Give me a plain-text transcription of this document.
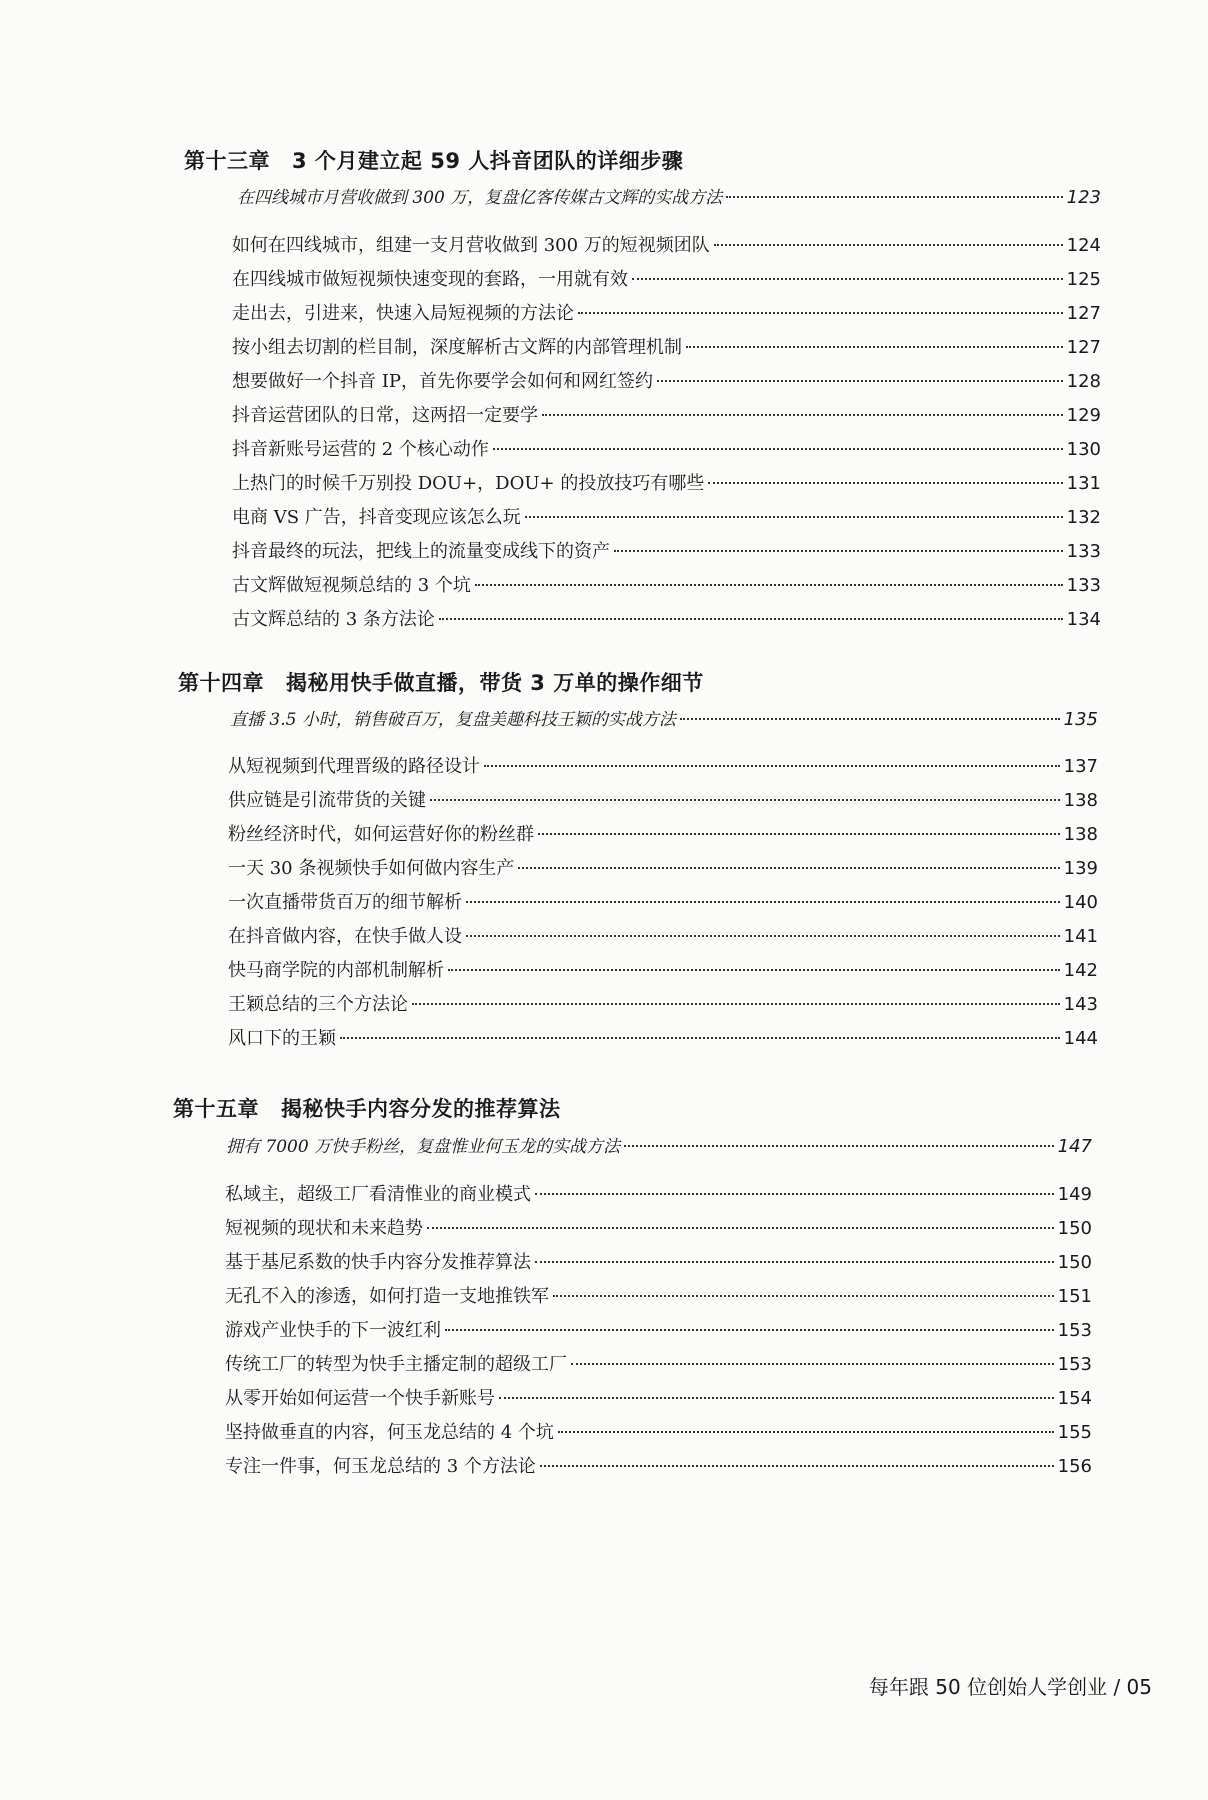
第十三章 3 个月建立起 59 人抖音团队的详细步骤
在四线城市月营收做到 300 万，复盘亿客传媒古文辉的实战方法	123
如何在四线城市，组建一支月营收做到 300 万的短视频团队	124
在四线城市做短视频快速变现的套路，一用就有效	125
走出去，引进来，快速入局短视频的方法论	127
按小组去切割的栏目制，深度解析古文辉的内部管理机制	127
想要做好一个抖音 IP，首先你要学会如何和网红签约	128
抖音运营团队的日常，这两招一定要学	129
抖音新账号运营的 2 个核心动作	130
上热门的时候千万别投 DOU+，DOU+ 的投放技巧有哪些	131
电商 VS 广告，抖音变现应该怎么玩	132
抖音最终的玩法，把线上的流量变成线下的资产	133
古文辉做短视频总结的 3 个坑	133
古文辉总结的 3 条方法论	134
第十四章 揭秘用快手做直播，带货 3 万单的操作细节
直播 3.5 小时，销售破百万，复盘美趣科技王颖的实战方法	135
从短视频到代理晋级的路径设计	137
供应链是引流带货的关键	138
粉丝经济时代，如何运营好你的粉丝群	138
一天 30 条视频快手如何做内容生产	139
一次直播带货百万的细节解析	140
在抖音做内容，在快手做人设	141
快马商学院的内部机制解析	142
王颖总结的三个方法论	143
风口下的王颖	144
第十五章 揭秘快手内容分发的推荐算法
拥有 7000 万快手粉丝，复盘惟业何玉龙的实战方法	147
私域主，超级工厂看清惟业的商业模式	149
短视频的现状和未来趋势	150
基于基尼系数的快手内容分发推荐算法	150
无孔不入的渗透，如何打造一支地推铁军	151
游戏产业快手的下一波红利	153
传统工厂的转型为快手主播定制的超级工厂	153
从零开始如何运营一个快手新账号	154
坚持做垂直的内容，何玉龙总结的 4 个坑	155
专注一件事，何玉龙总结的 3 个方法论	156
每年跟 50 位创始人学创业 / 05
